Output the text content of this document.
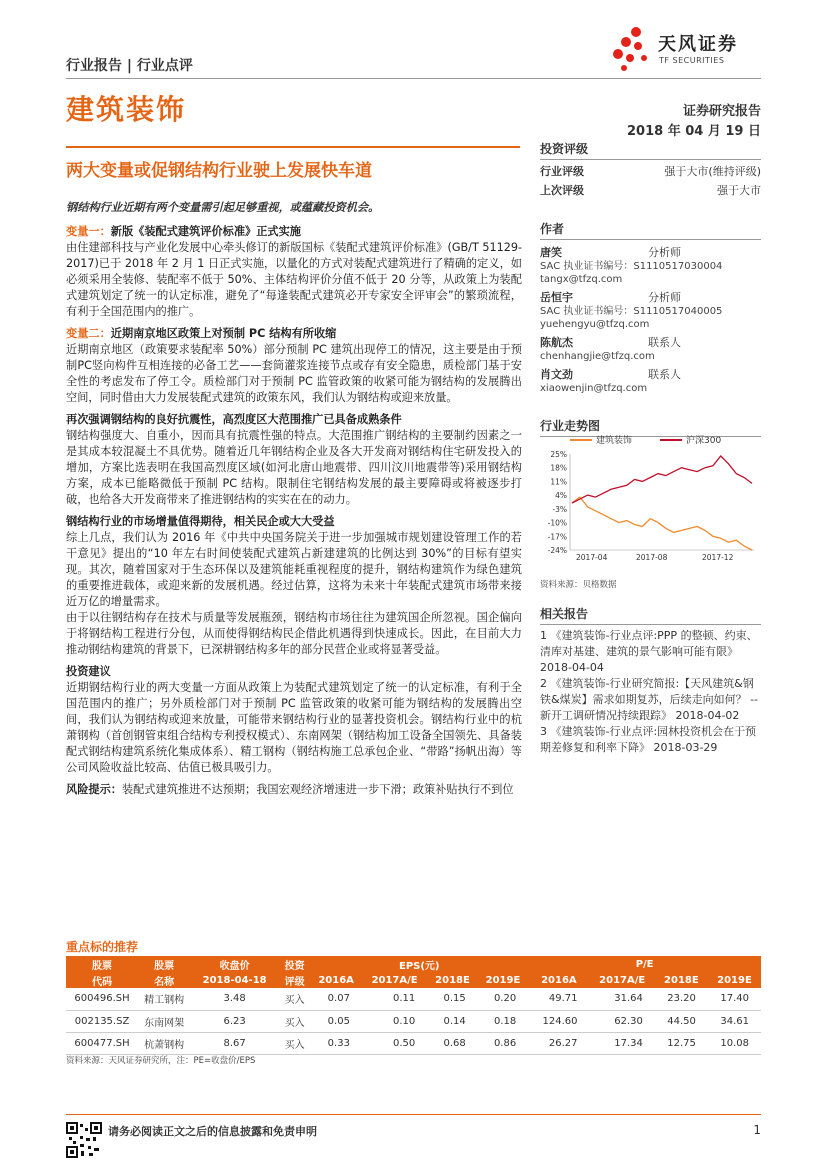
行业报告 | 行业点评
天风证券
TF SECURITIES
建筑装饰	证券研究报告
2018 年 04 月 19 日
两大变量或促钢结构行业驶上发展快车道
钢结构行业近期有两个变量需引起足够重视，或蕴藏投资机会。
变量一：新版《装配式建筑评价标准》正式实施
由住建部科技与产业化发展中心牵头修订的新版国标《装配式建筑评价标准》(GB/T 51129-2017)已于 2018 年 2 月 1 日正式实施，以量化的方式对装配式建筑进行了精确的定义，如必须采用全装修、装配率不低于 50%、主体结构评价分值不低于 20 分等，从政策上为装配式建筑划定了统一的认定标准，避免了“每逢装配式建筑必开专家安全评审会”的繁琐流程，有利于全国范围内的推广。
变量二：近期南京地区政策上对预制 PC 结构有所收缩
近期南京地区（政策要求装配率 50%）部分预制 PC 建筑出现停工的情况，这主要是由于预制PC竖向构件互相连接的必备工艺——套筒灌浆连接节点或存有安全隐患，质检部门基于安全性的考虑发布了停工令。质检部门对于预制 PC 监管政策的收紧可能为钢结构的发展腾出空间，同时借由大力发展装配式建筑的政策东风，我们认为钢结构或迎来放量。
再次强调钢结构的良好抗震性，高烈度区大范围推广已具备成熟条件
钢结构强度大、自重小，因而具有抗震性强的特点。大范围推广钢结构的主要制约因素之一是其成本较混凝土不具优势。随着近几年钢结构企业及各大开发商对钢结构住宅研发投入的增加，方案比选表明在我国高烈度区域(如河北唐山地震带、四川汶川地震带等)采用钢结构方案，成本已能略微低于预制 PC 结构。限制住宅钢结构发展的最主要障碍或将被逐步打破，也给各大开发商带来了推进钢结构的实实在在的动力。
钢结构行业的市场增量值得期待，相关民企或大大受益
综上几点，我们认为 2016 年《中共中央国务院关于进一步加强城市规划建设管理工作的若干意见》提出的“10 年左右时间使装配式建筑占新建建筑的比例达到 30%”的目标有望实现。其次，随着国家对于生态环保以及建筑能耗重视程度的提升，钢结构建筑作为绿色建筑的重要推进载体，或迎来新的发展机遇。经过估算，这将为未来十年装配式建筑市场带来接近万亿的增量需求。
由于以往钢结构存在技术与质量等发展瓶颈，钢结构市场往往为建筑国企所忽视。国企偏向于将钢结构工程进行分包，从而使得钢结构民企借此机遇得到快速成长。因此，在目前大力推动钢结构建筑的背景下，已深耕钢结构多年的部分民营企业或将显著受益。
投资建议
近期钢结构行业的两大变量一方面从政策上为装配式建筑划定了统一的认定标准，有利于全国范围内的推广；另外质检部门对于预制 PC 监管政策的收紧可能为钢结构的发展腾出空间，我们认为钢结构或迎来放量，可能带来钢结构行业的显著投资机会。钢结构行业中的杭萧钢构（首创钢管束组合结构专利授权模式）、东南网架（钢结构加工设备全国领先、具备装配式钢结构建筑系统化集成体系）、精工钢构（钢结构施工总承包企业、“带路”扬帆出海）等公司风险收益比较高、估值已极具吸引力。
风险提示：装配式建筑推进不达预期；我国宏观经济增速进一步下滑；政策补贴执行不到位
投资评级
行业评级	强于大市(维持评级)
上次评级	强于大市
作者
唐笑	分析师
SAC 执业证书编号：S1110517030004
tangx@tfzq.com
岳恒宇	分析师
SAC 执业证书编号：S1110517040005
yuehengyu@tfzq.com
陈航杰	联系人
chenhangjie@tfzq.com
肖文劲	联系人
xiaowenjin@tfzq.com
行业走势图
建筑装饰	沪深300
25%
18%
11%
4%
-3%
-10%
-17%
-24%
2017-04	2017-08	2017-12
资料来源：贝格数据
相关报告
1 《建筑装饰-行业点评:PPP 的整顿、约束、清库对基建、建筑的景气影响可能有限》 2018-04-04
2 《建筑装饰-行业研究简报:【天风建筑&钢铁&煤炭】需求如期复苏，后续走向如何？ --新开工调研情况持续跟踪》 2018-04-02
3 《建筑装饰-行业点评:园林投资机会在于预期差修复和利率下降》 2018-03-29
重点标的推荐
股票	股票	收盘价	投资	EPS(元)				P/E			
代码	名称	2018-04-18	评级	2016A	2017A/E	2018E	2019E	2016A	2017A/E	2018E	2019E
600496.SH	精工钢构	3.48	买入	0.07	0.11	0.15	0.20	49.71	31.64	23.20	17.40
002135.SZ	东南网架	6.23	买入	0.05	0.10	0.14	0.18	124.60	62.30	44.50	34.61
600477.SH	杭萧钢构	8.67	买入	0.33	0.50	0.68	0.86	26.27	17.34	12.75	10.08
资料来源：天风证券研究所，注：PE=收盘价/EPS
请务必阅读正文之后的信息披露和免责申明	1
